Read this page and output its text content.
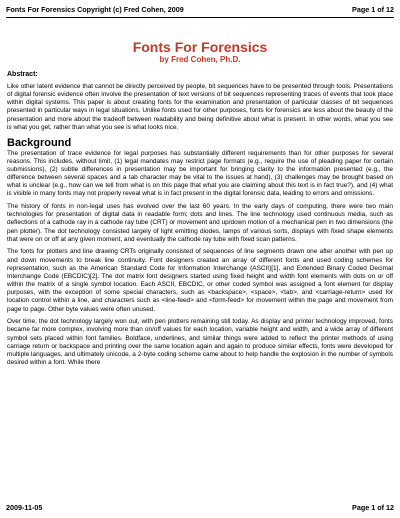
Fonts For Forensics Copyright (c) Fred Cohen, 2009	Page 1 of 12
Fonts For Forensics
by Fred Cohen, Ph.D.
Abstract:

Like other latent evidence that cannot be directly perceived by people, bit sequences have to be presented through tools. Presentations of digital forensic evidence often involve the presentation of text versions of bit sequences representing traces of events that took place within digital systems. This paper is about creating fonts for the examination and presentation of particular classes of bit sequences presented in particular ways in legal situations. Unlike fonts used for other purposes, fonts for forensics are less about the beauty of the presentation and more about the tradeoff between readability and being definitive about what is present. In other words, what you see is what you get, rather than what you see is what looks nice.

Background

The presentation of trace evidence for legal purposes has substantially different requirements than for other purposes for several reasons. This includes, without limit, (1) legal mandates may restrict page formats (e.g., require the use of pleading paper for certain submissions), (2) subtle differences in presentation may be important for bringing clarity to the information presented (e.g., the difference between several spaces and a tab character may be vital to the issues at hand), (3) challenges may be brought based on what is unclear (e.g., how can we tell from what is on this page that what you are claiming about this text is in fact true?), and (4) what is visible in many fonts may not properly reveal what is in fact present in the digital forensic data, leading to errors and omissions.

The history of fonts in non-legal uses has evolved over the last 60 years. In the early days of computing, there were two main technologies for presentation of digital data in readable form; dots and lines. The line technology used continuous media, such as deflections of a cathode ray in a cathode ray tube (CRT) or movement and up/down motion of a mechanical pen in two dimensions (the pen plotter). The dot technology consisted largely of light emitting diodes, lamps of various sorts, displays with fixed shape elements that were on or off at any given moment, and eventually the cathode ray tube with fixed scan patterns.

The fonts for plotters and line drawing CRTs originally consisted of sequences of line segments drawn one after another with pen up and down movements to break line continuity. Font designers created an array of different fonts and used coding schemes for representation, such as the American Standard Code for Information Interchange (ASCII)[1], and Extended Binary Coded Decimal Interchange Code (EBCDIC)[2]. The dot matrix font designers started using fixed height and width font elements with dots on or off within the matrix of a single symbol location. Each ASCII, EBCDIC, or other coded symbol was assigned a font element for display purposes, with the exception of some special characters, such as <backspace>, <space>, <tab>, and <carriage-return> used for location control within a line, and characters such as <line-feed> and <form-feed> for movement within the page and movement from page to page. Other byte values were often unused.

Over time, the dot technology largely won out, with pen plotters remaining still today. As display and printer technology improved, fonts became far more complex, involving more than on/off values for each location, variable height and width, and a wide array of different symbol sets placed within font families. Boldface, underlines, and similar things were added to reflect the printer methods of using carriage return or backspace and printing over the same location again and again to produce similar effects, fonts were developed for multiple languages, and ultimately unicode, a 2-byte coding scheme came about to help handle the explosion in the number of symbols desired within a font. While there

2009-11-05	Page 1 of 12
